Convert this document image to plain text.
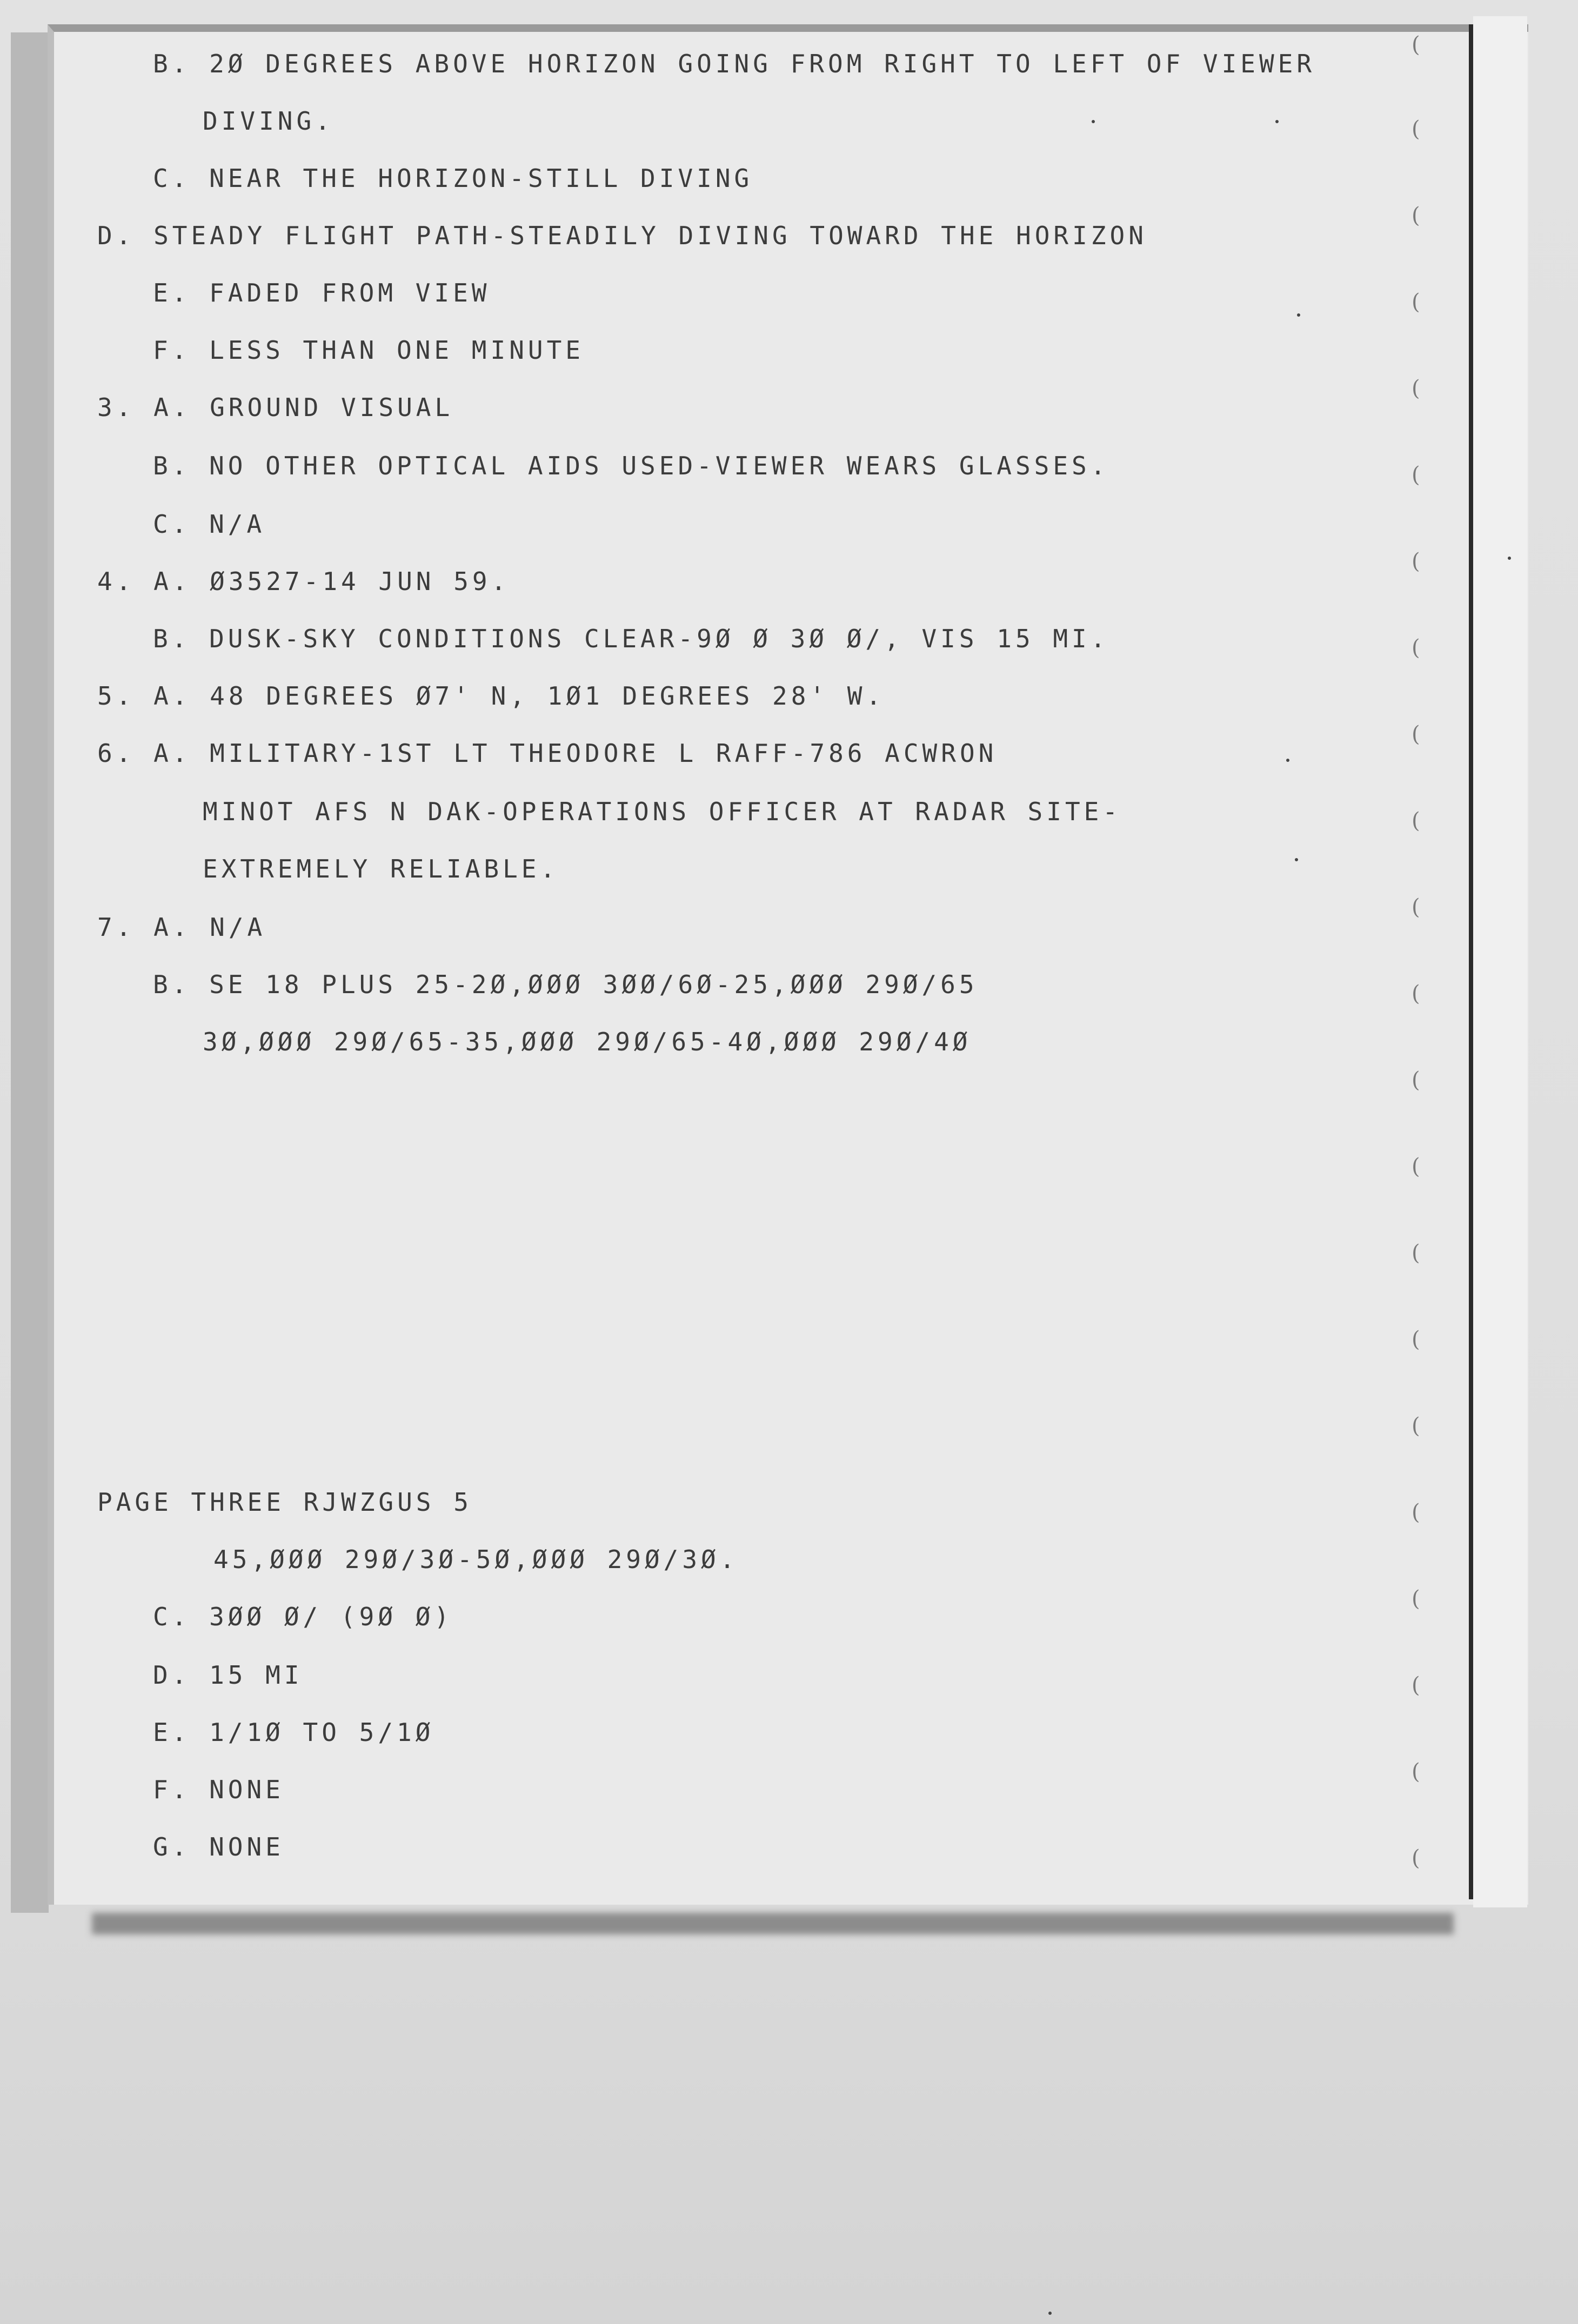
B. 2Ø DEGREES ABOVE HORIZON GOING FROM RIGHT TO LEFT OF VIEWER
DIVING.
C. NEAR THE HORIZON-STILL DIVING
D. STEADY FLIGHT PATH-STEADILY DIVING TOWARD THE HORIZON
E. FADED FROM VIEW
F. LESS THAN ONE MINUTE
3. A. GROUND VISUAL
B. NO OTHER OPTICAL AIDS USED-VIEWER WEARS GLASSES.
C. N/A
4. A. Ø3527-14 JUN 59.
B. DUSK-SKY CONDITIONS CLEAR-9Ø Ø 3Ø Ø/, VIS 15 MI.
5. A. 48 DEGREES Ø7' N, 1Ø1 DEGREES 28' W.
6. A. MILITARY-1ST LT THEODORE L RAFF-786 ACWRON
MINOT AFS N DAK-OPERATIONS OFFICER AT RADAR SITE-
EXTREMELY RELIABLE.
7. A. N/A
B. SE 18 PLUS 25-2Ø,ØØØ 3ØØ/6Ø-25,ØØØ 29Ø/65
3Ø,ØØØ 29Ø/65-35,ØØØ 29Ø/65-4Ø,ØØØ 29Ø/4Ø
PAGE THREE RJWZGUS 5
45,ØØØ 29Ø/3Ø-5Ø,ØØØ 29Ø/3Ø.
C. 3ØØ Ø/ (9Ø Ø)
D. 15 MI
E. 1/1Ø TO 5/1Ø
F. NONE
G. NONE
(
(
(
(
(
(
(
(
(
(
(
(
(
(
(
(
(
(
(
(
(
(
